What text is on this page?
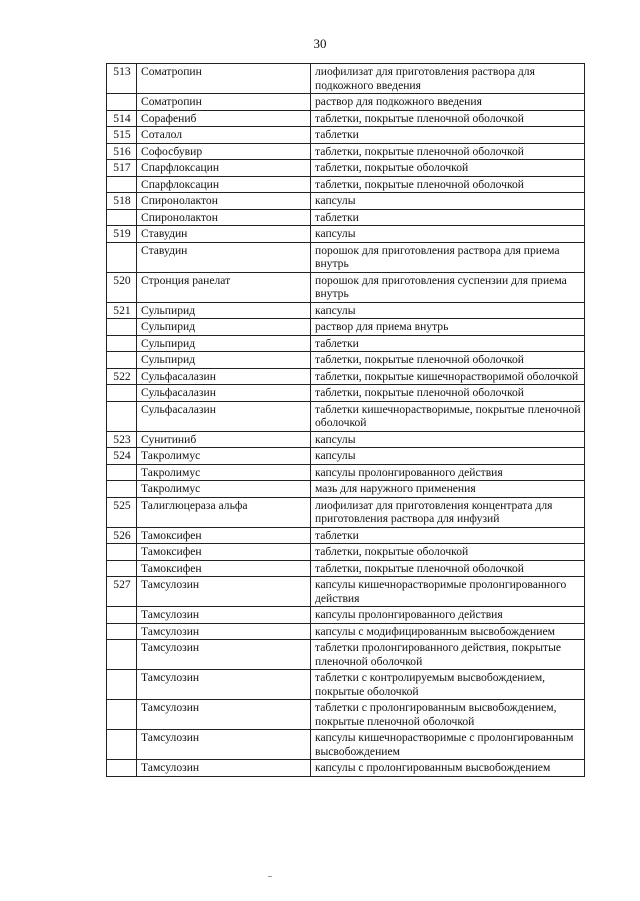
30
513	Соматропин	лиофилизат для приготовления раствора для подкожного введения
	Соматропин	раствор для подкожного введения
514	Сорафениб	таблетки, покрытые пленочной оболочкой
515	Соталол	таблетки
516	Софосбувир	таблетки, покрытые пленочной оболочкой
517	Спарфлоксацин	таблетки, покрытые оболочкой
	Спарфлоксацин	таблетки, покрытые пленочной оболочкой
518	Спиронолактон	капсулы
	Спиронолактон	таблетки
519	Ставудин	капсулы
	Ставудин	порошок для приготовления раствора для приема внутрь
520	Стронция ранелат	порошок для приготовления суспензии для приема внутрь
521	Сульпирид	капсулы
	Сульпирид	раствор для приема внутрь
	Сульпирид	таблетки
	Сульпирид	таблетки, покрытые пленочной оболочкой
522	Сульфасалазин	таблетки, покрытые кишечнорастворимой оболочкой
	Сульфасалазин	таблетки, покрытые пленочной оболочкой
	Сульфасалазин	таблетки кишечнорастворимые, покрытые пленочной оболочкой
523	Сунитиниб	капсулы
524	Такролимус	капсулы
	Такролимус	капсулы пролонгированного действия
	Такролимус	мазь для наружного применения
525	Талиглюцераза альфа	лиофилизат для приготовления концентрата для приготовления раствора для инфузий
526	Тамоксифен	таблетки
	Тамоксифен	таблетки, покрытые оболочкой
	Тамоксифен	таблетки, покрытые пленочной оболочкой
527	Тамсулозин	капсулы кишечнорастворимые пролонгированного действия
	Тамсулозин	капсулы пролонгированного действия
	Тамсулозин	капсулы с модифицированным высвобождением
	Тамсулозин	таблетки пролонгированного действия, покрытые пленочной оболочкой
	Тамсулозин	таблетки с контролируемым высвобождением, покрытые оболочкой
	Тамсулозин	таблетки с пролонгированным высвобождением, покрытые пленочной оболочкой
	Тамсулозин	капсулы кишечнорастворимые с пролонгированным высвобождением
	Тамсулозин	капсулы с пролонгированным высвобождением
